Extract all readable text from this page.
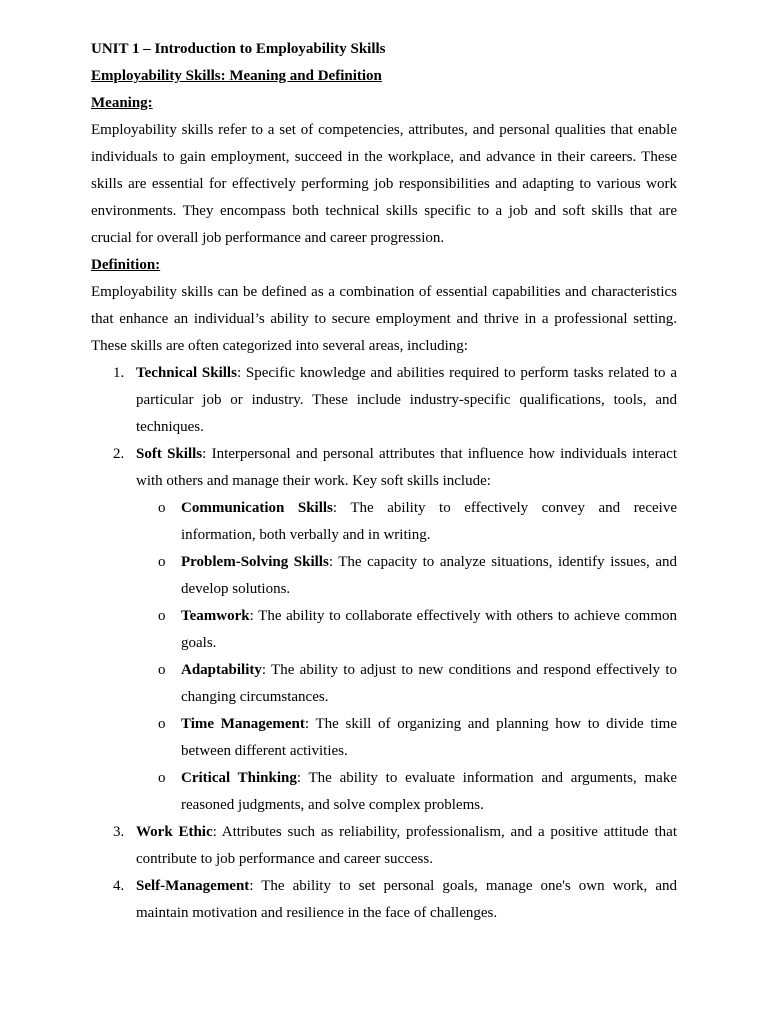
UNIT 1 – Introduction to Employability Skills

Employability Skills: Meaning and Definition

Meaning:

Employability skills refer to a set of competencies, attributes, and personal qualities that enable individuals to gain employment, succeed in the workplace, and advance in their careers. These skills are essential for effectively performing job responsibilities and adapting to various work environments. They encompass both technical skills specific to a job and soft skills that are crucial for overall job performance and career progression.

Definition:

Employability skills can be defined as a combination of essential capabilities and characteristics that enhance an individual’s ability to secure employment and thrive in a professional setting. These skills are often categorized into several areas, including:

1. Technical Skills: Specific knowledge and abilities required to perform tasks related to a particular job or industry. These include industry-specific qualifications, tools, and techniques.
2. Soft Skills: Interpersonal and personal attributes that influence how individuals interact with others and manage their work. Key soft skills include:
o Communication Skills: The ability to effectively convey and receive information, both verbally and in writing.
o Problem-Solving Skills: The capacity to analyze situations, identify issues, and develop solutions.
o Teamwork: The ability to collaborate effectively with others to achieve common goals.
o Adaptability: The ability to adjust to new conditions and respond effectively to changing circumstances.
o Time Management: The skill of organizing and planning how to divide time between different activities.
o Critical Thinking: The ability to evaluate information and arguments, make reasoned judgments, and solve complex problems.
3. Work Ethic: Attributes such as reliability, professionalism, and a positive attitude that contribute to job performance and career success.
4. Self-Management: The ability to set personal goals, manage one's own work, and maintain motivation and resilience in the face of challenges.
